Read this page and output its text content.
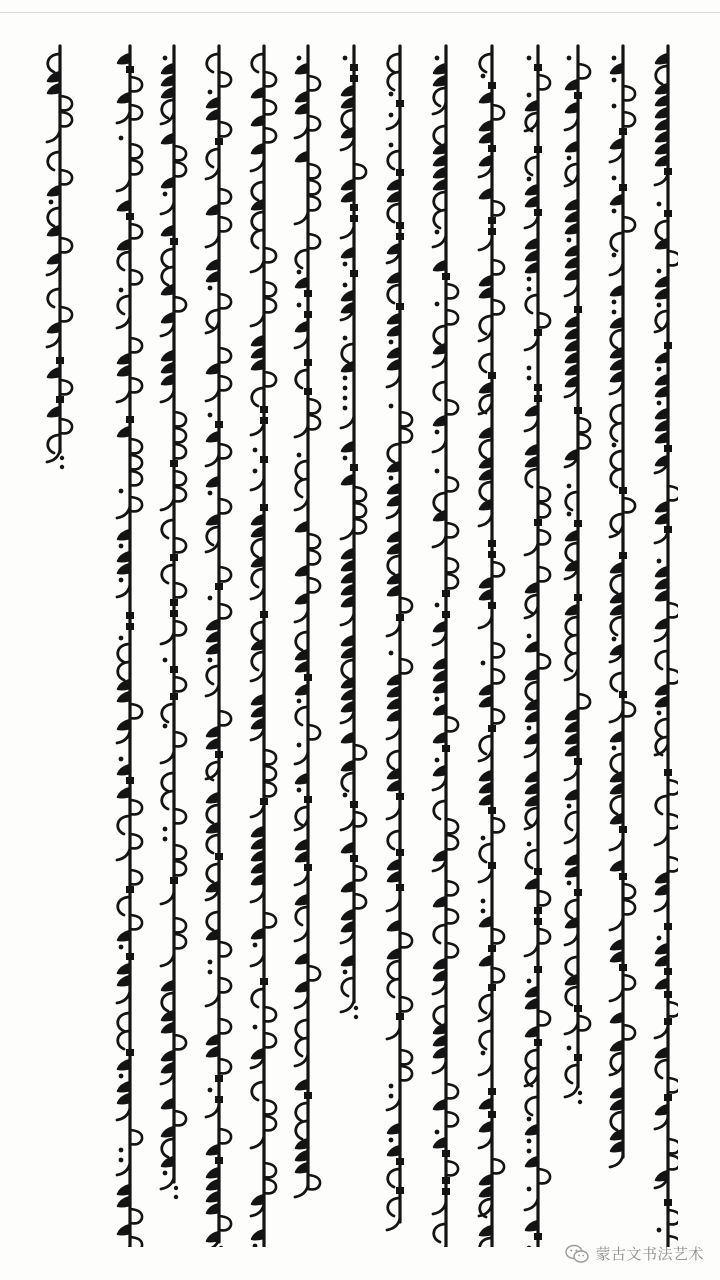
蒙古文书法艺术
